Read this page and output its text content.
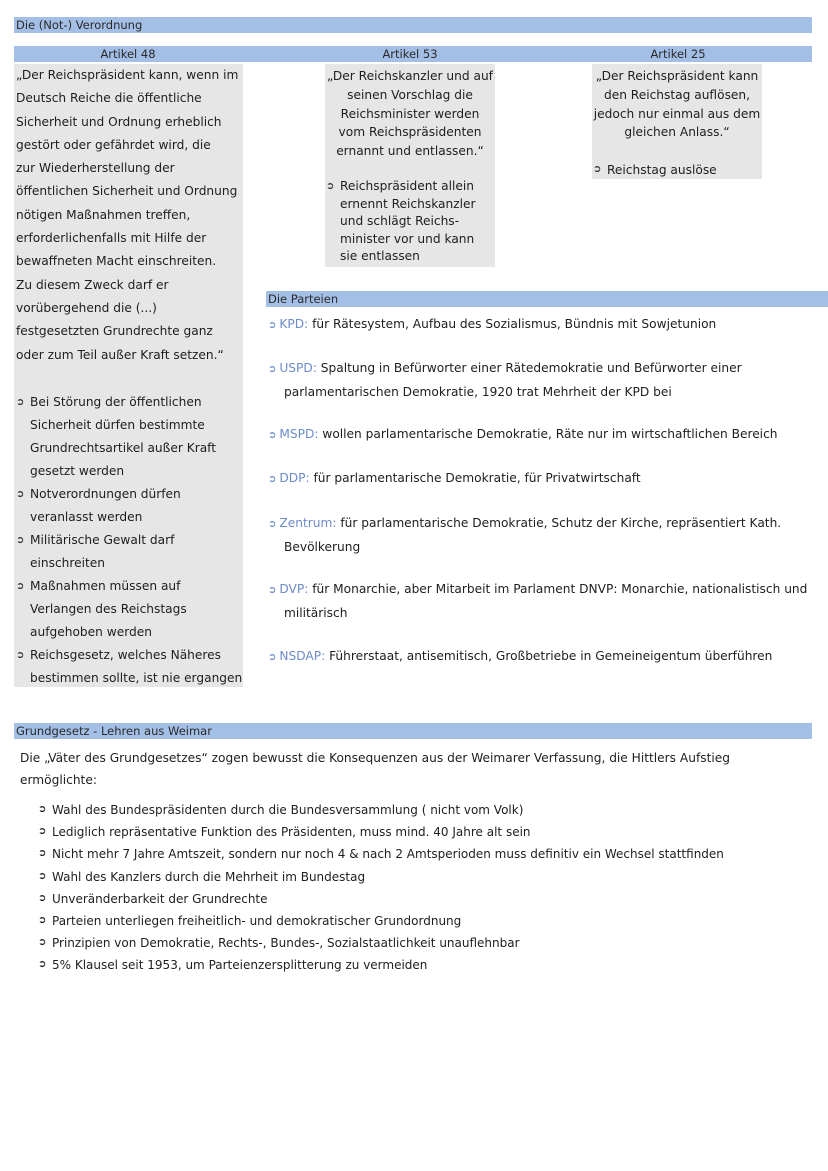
Die (Not-) Verordnung
Artikel 48	Artikel 53	Artikel 25
„Der Reichspräsident kann, wenn im
Deutsch Reiche die öffentliche
Sicherheit und Ordnung erheblich
gestört oder gefährdet wird, die
zur Wiederherstellung der
öffentlichen Sicherheit und Ordnung
nötigen Maßnahmen treffen,
erforderlichenfalls mit Hilfe der
bewaffneten Macht einschreiten.
Zu diesem Zweck darf er
vorübergehend die (...)
festgesetzten Grundrechte ganz
oder zum Teil außer Kraft setzen.“
➲ Bei Störung der öffentlichen
Sicherheit dürfen bestimmte
Grundrechtsartikel außer Kraft
gesetzt werden
➲ Notverordnungen dürfen
veranlasst werden
➲ Militärische Gewalt darf
einschreiten
➲ Maßnahmen müssen auf
Verlangen des Reichstags
aufgehoben werden
➲ Reichsgesetz, welches Näheres
bestimmen sollte, ist nie ergangen
„Der Reichskanzler und auf
seinen Vorschlag die
Reichsminister werden
vom Reichspräsidenten
ernannt und entlassen.“
➲ Reichspräsident allein
ernennt Reichskanzler
und schlägt Reichs-
minister vor und kann
sie entlassen
„Der Reichspräsident kann
den Reichstag auflösen,
jedoch nur einmal aus dem
gleichen Anlass.“
➲ Reichstag auslöse
Die Parteien
➲ KPD: für Rätesystem, Aufbau des Sozialismus, Bündnis mit Sowjetunion
➲ USPD: Spaltung in Befürworter einer Rätedemokratie und Befürworter einer
parlamentarischen Demokratie, 1920 trat Mehrheit der KPD bei
➲ MSPD: wollen parlamentarische Demokratie, Räte nur im wirtschaftlichen Bereich
➲ DDP: für parlamentarische Demokratie, für Privatwirtschaft
➲ Zentrum: für parlamentarische Demokratie, Schutz der Kirche, repräsentiert Kath.
Bevölkerung
➲ DVP: für Monarchie, aber Mitarbeit im Parlament DNVP: Monarchie, nationalistisch und
militärisch
➲ NSDAP: Führerstaat, antisemitisch, Großbetriebe in Gemeineigentum überführen
Grundgesetz - Lehren aus Weimar
Die „Väter des Grundgesetzes“ zogen bewusst die Konsequenzen aus der Weimarer Verfassung, die Hittlers Aufstieg
ermöglichte:
➲ Wahl des Bundespräsidenten durch die Bundesversammlung ( nicht vom Volk)
➲ Lediglich repräsentative Funktion des Präsidenten, muss mind. 40 Jahre alt sein
➲ Nicht mehr 7 Jahre Amtszeit, sondern nur noch 4 & nach 2 Amtsperioden muss definitiv ein Wechsel stattfinden
➲ Wahl des Kanzlers durch die Mehrheit im Bundestag
➲ Unveränderbarkeit der Grundrechte
➲ Parteien unterliegen freiheitlich- und demokratischer Grundordnung
➲ Prinzipien von Demokratie, Rechts-, Bundes-, Sozialstaatlichkeit unauflehnbar
➲ 5% Klausel seit 1953, um Parteienzersplitterung zu vermeiden
